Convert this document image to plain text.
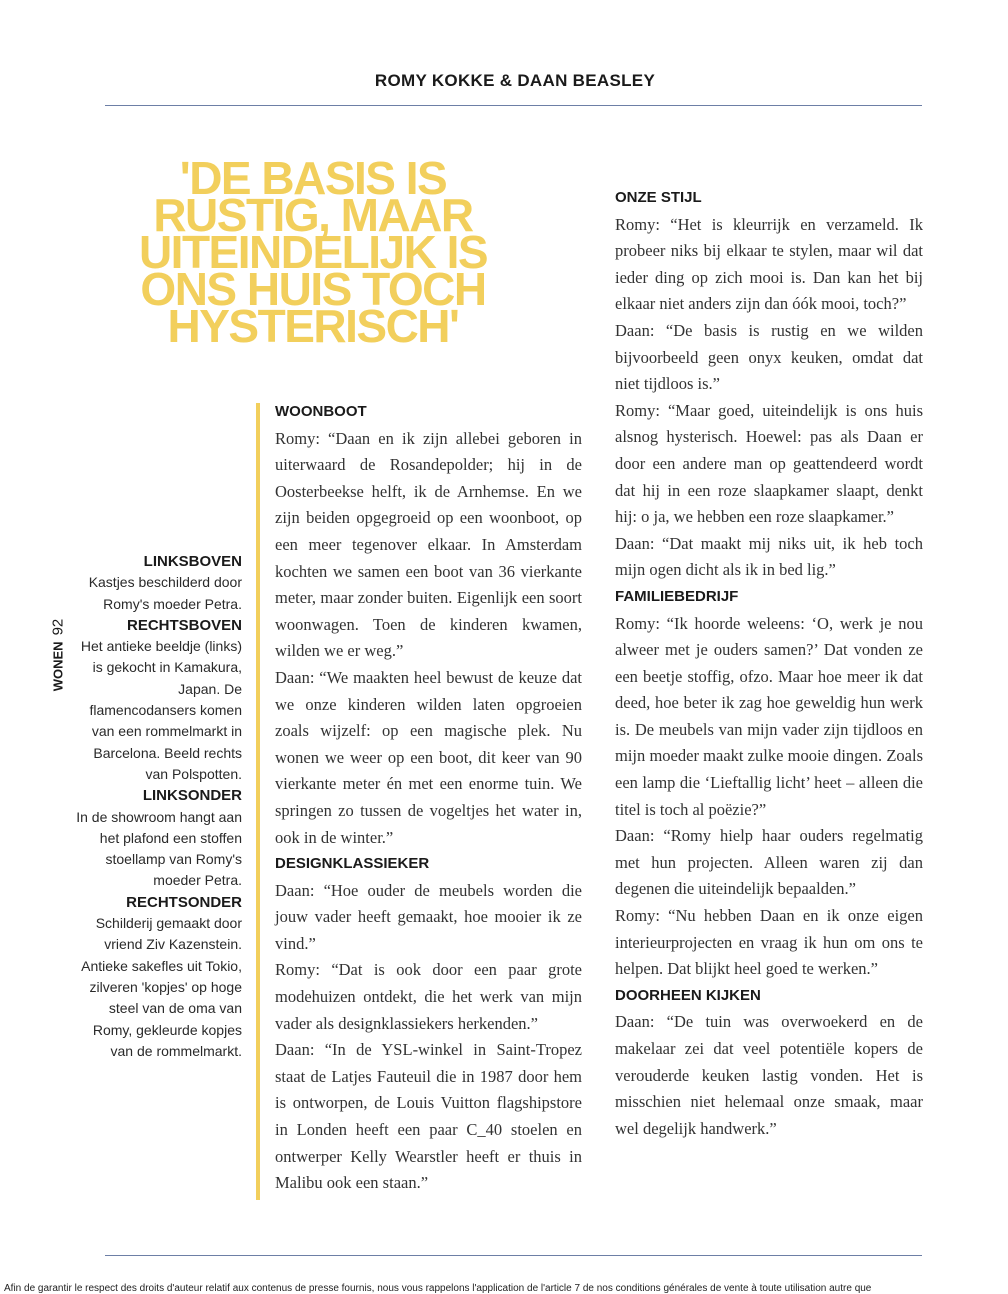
ROMY KOKKE & DAAN BEASLEY
'DE BASIS IS RUSTIG, MAAR UITEINDELIJK IS ONS HUIS TOCH HYSTERISCH'
WONEN92
LINKSBOVEN
Kastjes beschilderd door Romy's moeder Petra.
RECHTSBOVEN
Het antieke beeldje (links) is gekocht in Kamakura, Japan. De flamencodansers komen van een rommelmarkt in Barcelona. Beeld rechts van Polspotten.
LINKSONDER
In de showroom hangt aan het plafond een stoffen stoellamp van Romy's moeder Petra.
RECHTSONDER
Schilderij gemaakt door vriend Ziv Kazenstein. Antieke sakefles uit Tokio, zilveren 'kopjes' op hoge steel van de oma van Romy, gekleurde kopjes van de rommelmarkt.
WOONBOOT

Romy: “Daan en ik zijn allebei geboren in uiterwaard de Rosandepolder; hij in de Oosterbeekse helft, ik de Arnhemse. En we zijn beiden opgegroeid op een woonboot, op een meer tegenover elkaar. In Amsterdam kochten we samen een boot van 36 vierkante meter, maar zonder buiten. Eigenlijk een soort woonwagen. Toen de kinderen kwamen, wilden we er weg.”

Daan: “We maakten heel bewust de keuze dat we onze kinderen wilden laten opgroeien zoals wijzelf: op een magische plek. Nu wonen we weer op een boot, dit keer van 90 vierkante meter én met een enorme tuin. We springen zo tussen de vogeltjes het water in, ook in de winter.”

DESIGNKLASSIEKER

Daan: “Hoe ouder de meubels worden die jouw vader heeft gemaakt, hoe mooier ik ze vind.”

Romy: “Dat is ook door een paar grote modehuizen ontdekt, die het werk van mijn vader als designklassiekers herkenden.”

Daan: “In de YSL-winkel in Saint-Tropez staat de Latjes Fauteuil die in 1987 door hem is ontworpen, de Louis Vuitton flagshipstore in Londen heeft een paar C_40 stoelen en ontwerper Kelly Wearstler heeft er thuis in Malibu ook een staan.”

ONZE STIJL

Romy: “Het is kleurrijk en verzameld. Ik probeer niks bij elkaar te stylen, maar wil dat ieder ding op zich mooi is. Dan kan het bij elkaar niet anders zijn dan óók mooi, toch?”

Daan: “De basis is rustig en we wilden bijvoorbeeld geen onyx keuken, omdat dat niet tijdloos is.”

Romy: “Maar goed, uiteindelijk is ons huis alsnog hysterisch. Hoewel: pas als Daan er door een andere man op geattendeerd wordt dat hij in een roze slaapkamer slaapt, denkt hij: o ja, we hebben een roze slaapkamer.”

Daan: “Dat maakt mij niks uit, ik heb toch mijn ogen dicht als ik in bed lig.”

FAMILIEBEDRIJF

Romy: “Ik hoorde weleens: ‘O, werk je nou alweer met je ouders samen?’ Dat vonden ze een beetje stoffig, ofzo. Maar hoe meer ik dat deed, hoe beter ik zag hoe geweldig hun werk is. De meubels van mijn vader zijn tijdloos en mijn moeder maakt zulke mooie dingen. Zoals een lamp die ‘Lieftallig licht’ heet – alleen die titel is toch al poëzie?”

Daan: “Romy hielp haar ouders regelmatig met hun projecten. Alleen waren zij dan degenen die uiteindelijk bepaalden.”

Romy: “Nu hebben Daan en ik onze eigen interieurprojecten en vraag ik hun om ons te helpen. Dat blijkt heel goed te werken.”

DOORHEEN KIJKEN

Daan: “De tuin was overwoekerd en de makelaar zei dat veel potentiële kopers de verouderde keuken lastig vonden. Het is misschien niet helemaal onze smaak, maar wel degelijk handwerk.”

Afin de garantir le respect des droits d'auteur relatif aux contenus de presse fournis, nous vous rappelons l'application de l'article 7 de nos conditions générales de vente à toute utilisation autre que
